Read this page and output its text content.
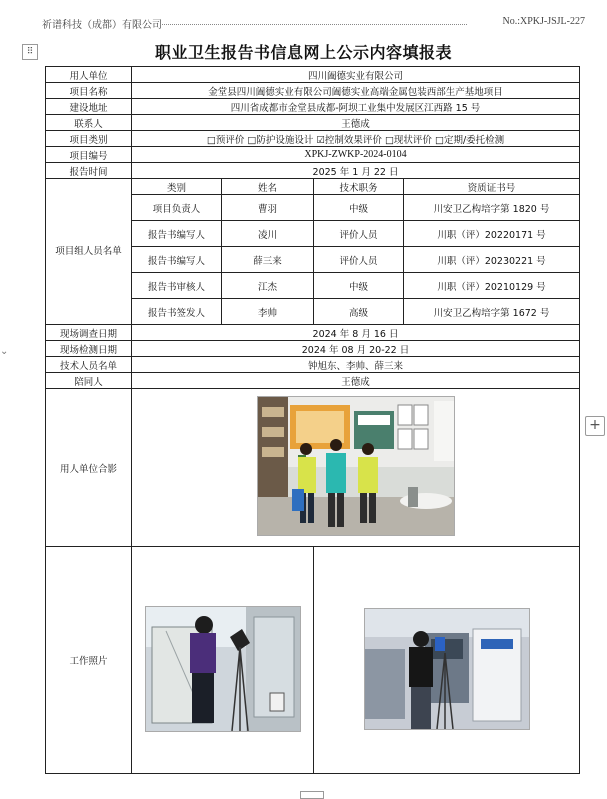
祈谱科技（成都）有限公司	No.:XPKJ-JSJL-227
⠿
⌄
+
职业卫生报告书信息网上公示内容填报表
用人单位	四川阖德实业有限公司			
项目名称	金堂县四川阖德实业有限公司阖德实业高端金属包装西部生产基地项目			
建设地址	四川省成都市金堂县成都-阿坝工业集中发展区江西路 15 号			
联系人	王德成			
项目类别	□预评价 □防护设施设计 ☑控制效果评价 □现状评价 □定期/委托检测			
项目编号	XPKJ-ZWKP-2024-0104			
报告时间	2025 年 1 月 22 日			
项目组人员名单	类别	姓名	技术职务	资质证书号
	项目负责人	曹羽	中级	川安卫乙构培字第 1820 号
	报告书编写人	凌川	评价人员	川职（评）20220171 号
	报告书编写人	薛三来	评价人员	川职（评）20230221 号
	报告书审核人	江杰	中级	川职（评）20210129 号
	报告书签发人	李帅	高级	川安卫乙构培字第 1672 号
现场调查日期	2024 年 8 月 16 日			
现场检测日期	2024 年 08 月 20-22 日			
技术人员名单	钟旭东、李帅、薛三来			
陪同人	王德成			
用人单位合影	
工作照片		
